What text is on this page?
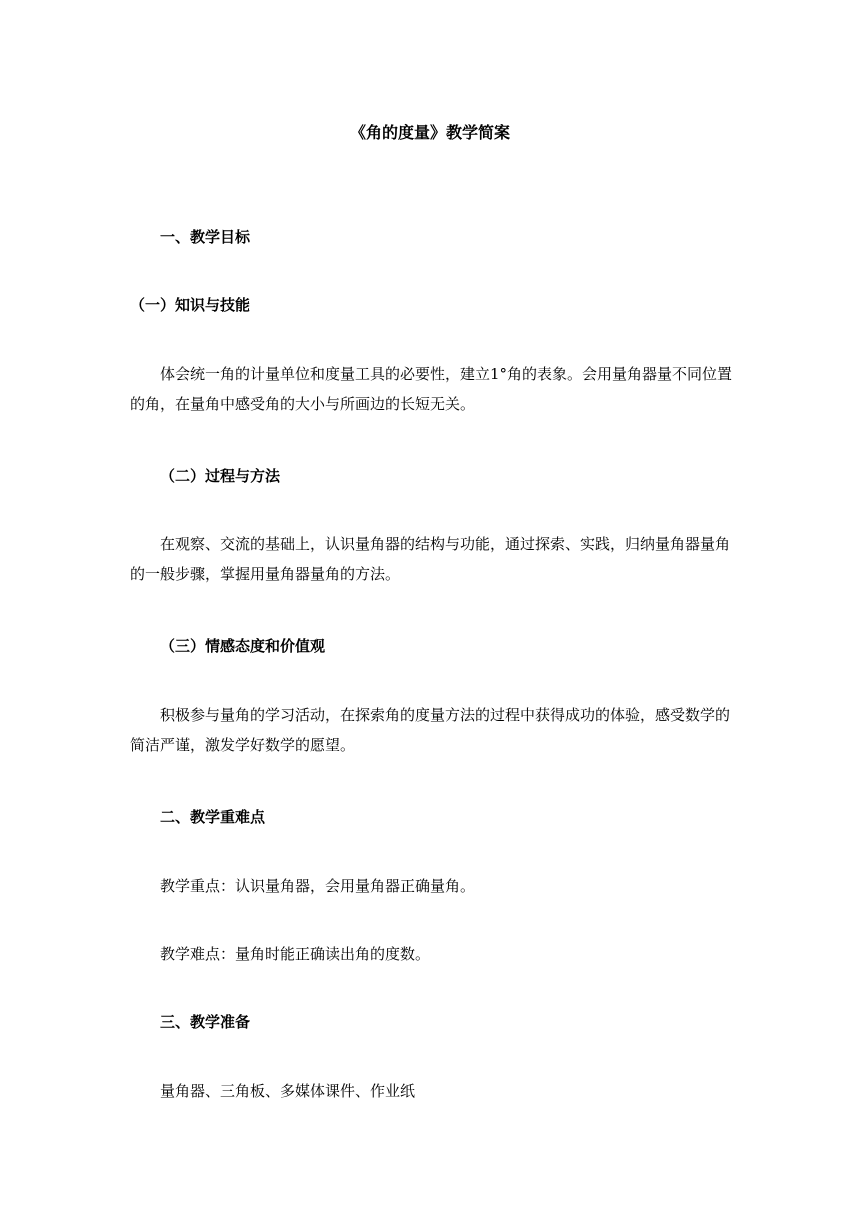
《角的度量》教学简案
一、教学目标
（一）知识与技能

体会统一角的计量单位和度量工具的必要性，建立1°角的表象。会用量角器量不同位置的角，在量角中感受角的大小与所画边的长短无关。

（二）过程与方法

在观察、交流的基础上，认识量角器的结构与功能，通过探索、实践，归纳量角器量角的一般步骤，掌握用量角器量角的方法。

（三）情感态度和价值观

积极参与量角的学习活动，在探索角的度量方法的过程中获得成功的体验，感受数学的简洁严谨，激发学好数学的愿望。

二、教学重难点
教学重点：认识量角器，会用量角器正确量角。
教学难点：量角时能正确读出角的度数。
三、教学准备
量角器、三角板、多媒体课件、作业纸
